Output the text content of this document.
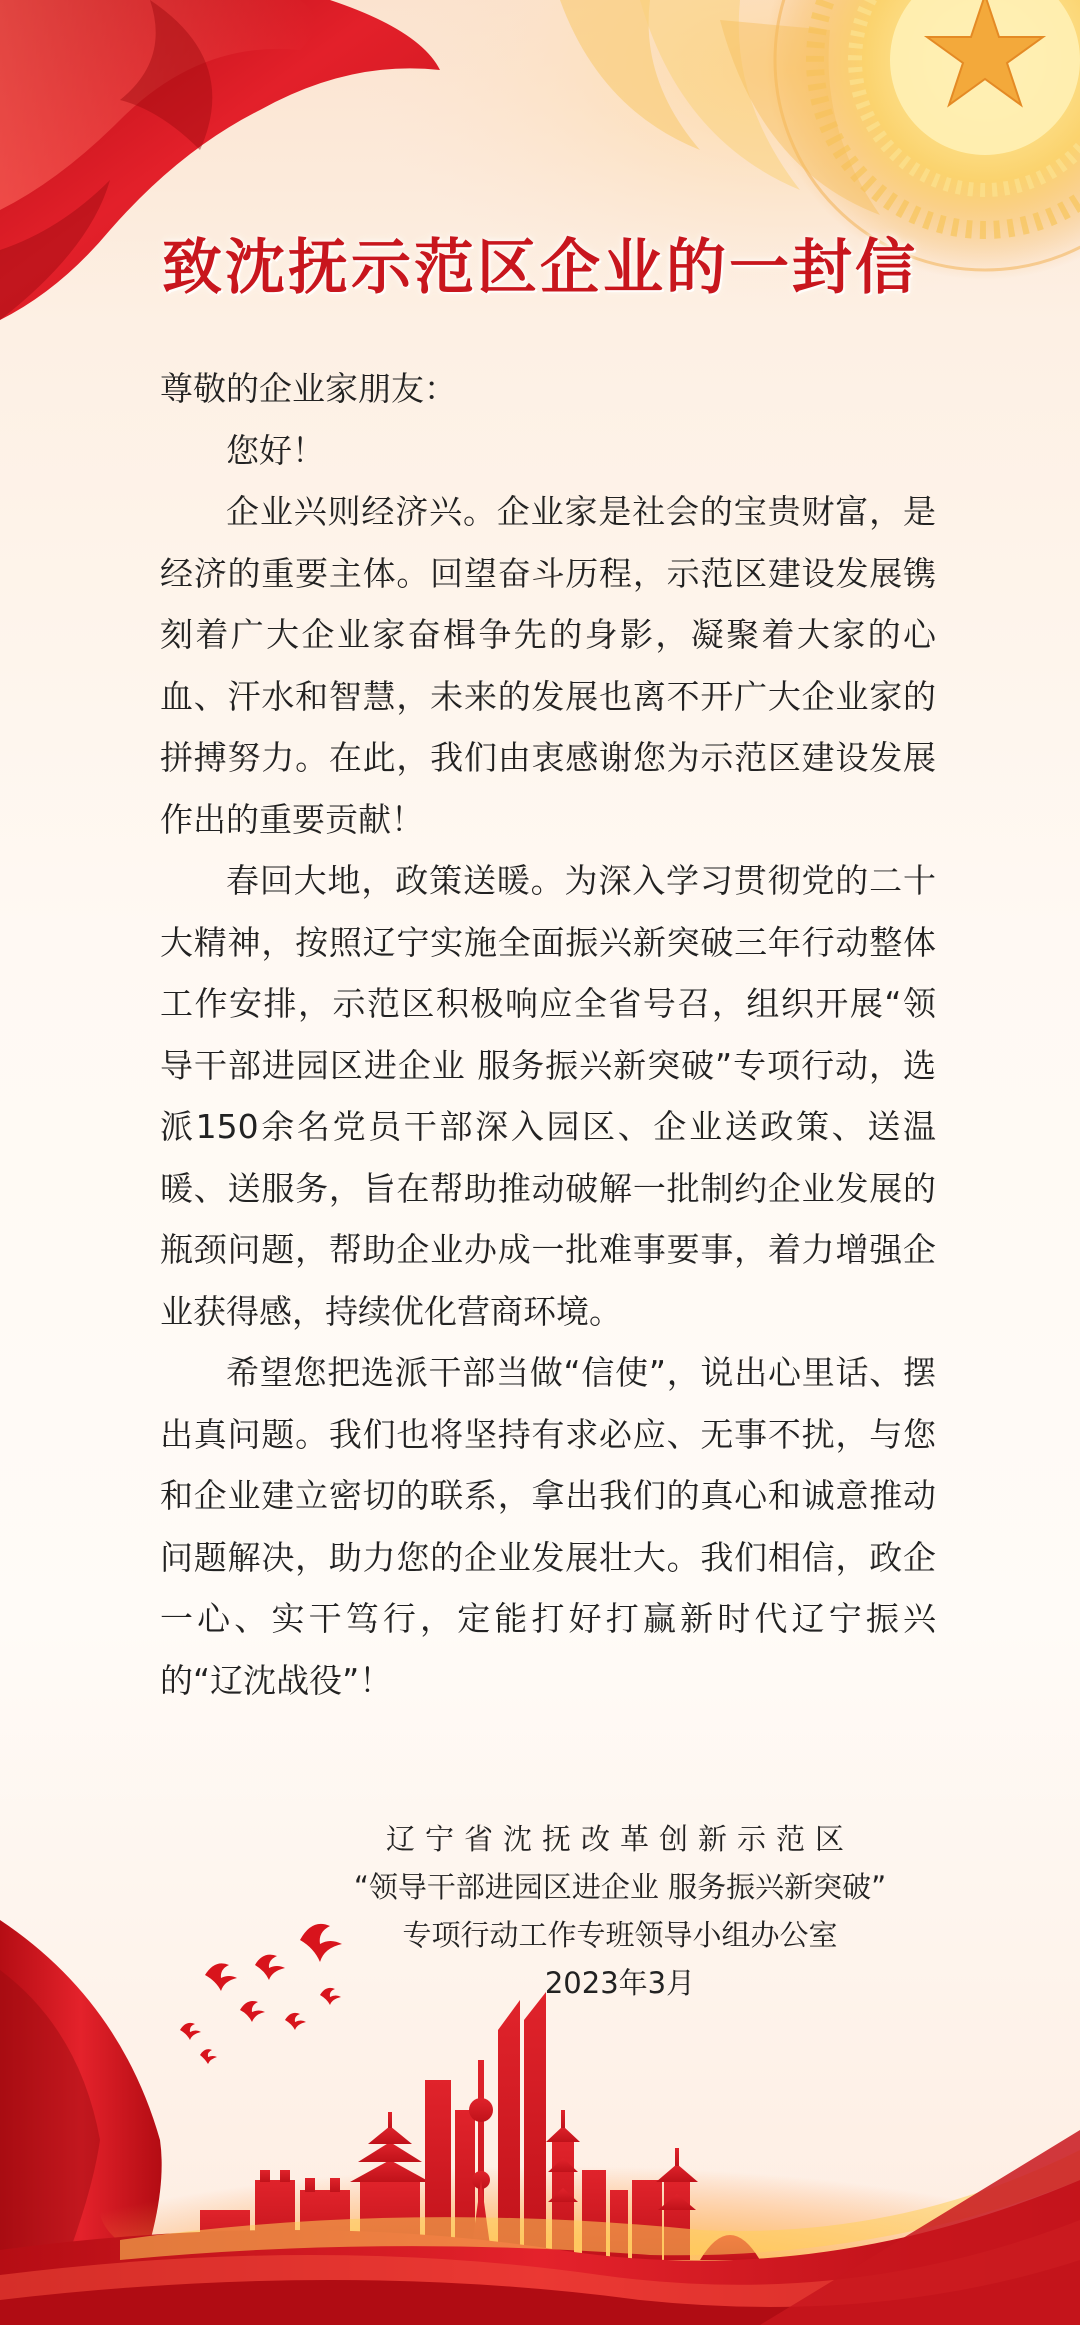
致沈抚示范区企业的一封信

尊敬的企业家朋友：

您好！

企业兴则经济兴。企业家是社会的宝贵财富，是经济的重要主体。回望奋斗历程，示范区建设发展镌刻着广大企业家奋楫争先的身影，凝聚着大家的心血、汗水和智慧，未来的发展也离不开广大企业家的拼搏努力。在此，我们由衷感谢您为示范区建设发展作出的重要贡献！

春回大地，政策送暖。为深入学习贯彻党的二十大精神，按照辽宁实施全面振兴新突破三年行动整体工作安排，示范区积极响应全省号召，组织开展“领导干部进园区进企业 服务振兴新突破”专项行动，选派150余名党员干部深入园区、企业送政策、送温暖、送服务，旨在帮助推动破解一批制约企业发展的瓶颈问题，帮助企业办成一批难事要事，着力增强企业获得感，持续优化营商环境。

希望您把选派干部当做“信使”，说出心里话、摆出真问题。我们也将坚持有求必应、无事不扰，与您和企业建立密切的联系，拿出我们的真心和诚意推动问题解决，助力您的企业发展壮大。我们相信，政企一心、实干笃行，定能打好打赢新时代辽宁振兴的“辽沈战役”！

辽宁省沈抚改革创新示范区
“领导干部进园区进企业 服务振兴新突破”
专项行动工作专班领导小组办公室
2023年3月
